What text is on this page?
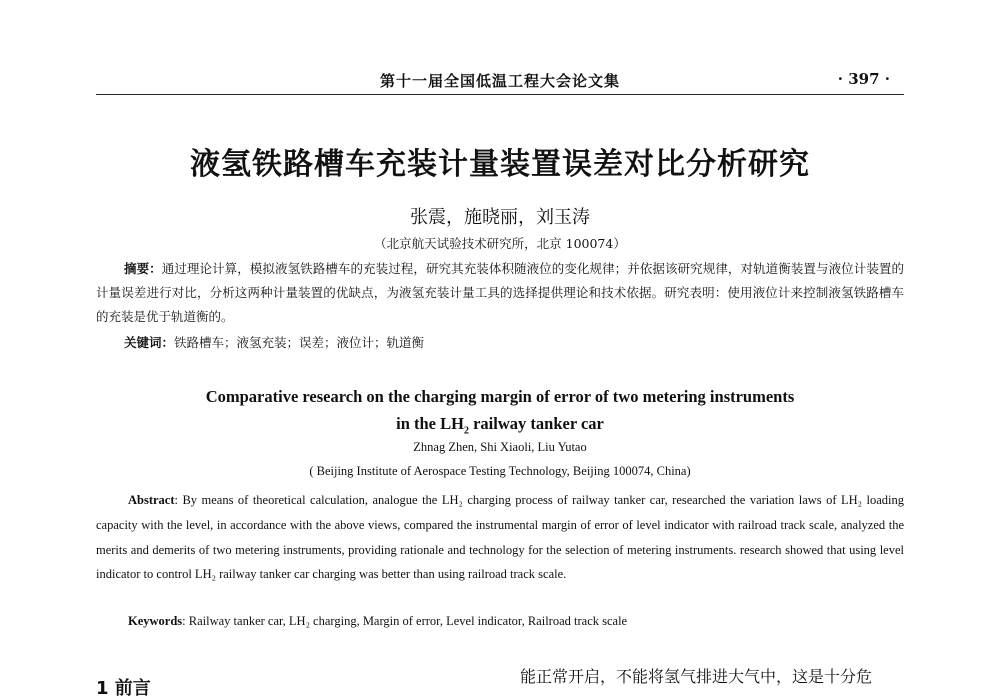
第十一届全国低温工程大会论文集	· 397 ·
液氢铁路槽车充装计量装置误差对比分析研究
张震，施晓丽，刘玉涛
（北京航天试验技术研究所，北京 100074）
摘要：通过理论计算，模拟液氢铁路槽车的充装过程，研究其充装体积随液位的变化规律；并依据该研究规律，对轨道衡装置与液位计装置的计量误差进行对比，分析这两种计量装置的优缺点，为液氢充装计量工具的选择提供理论和技术依据。研究表明：使用液位计来控制液氢铁路槽车的充装是优于轨道衡的。
关键词：铁路槽车；液氢充装；误差；液位计；轨道衡
Comparative research on the charging margin of error of two metering instruments
in the $LH_2$ railway tanker car
Zhnag Zhen, Shi Xiaoli, Liu Yutao
( Beijing Institute of Aerospace Testing Technology, Beijing 100074, China)
Abstract: By means of theoretical calculation, analogue the LH₂ charging process of railway tanker car, researched the variation laws of LH₂ loading capacity with the level, in accordance with the above views, compared the instrumental margin of error of level indicator with railroad track scale, analyzed the merits and demerits of two metering instruments, providing rationale and technology for the selection of metering instruments. research showed that using level indicator to control LH₂ railway tanker car charging was better than using railroad track scale.
Keywords: Railway tanker car, LH₂ charging, Margin of error, Level indicator, Railroad track scale
1 前言
能正常开启，不能将氢气排进大气中，这是十分危
